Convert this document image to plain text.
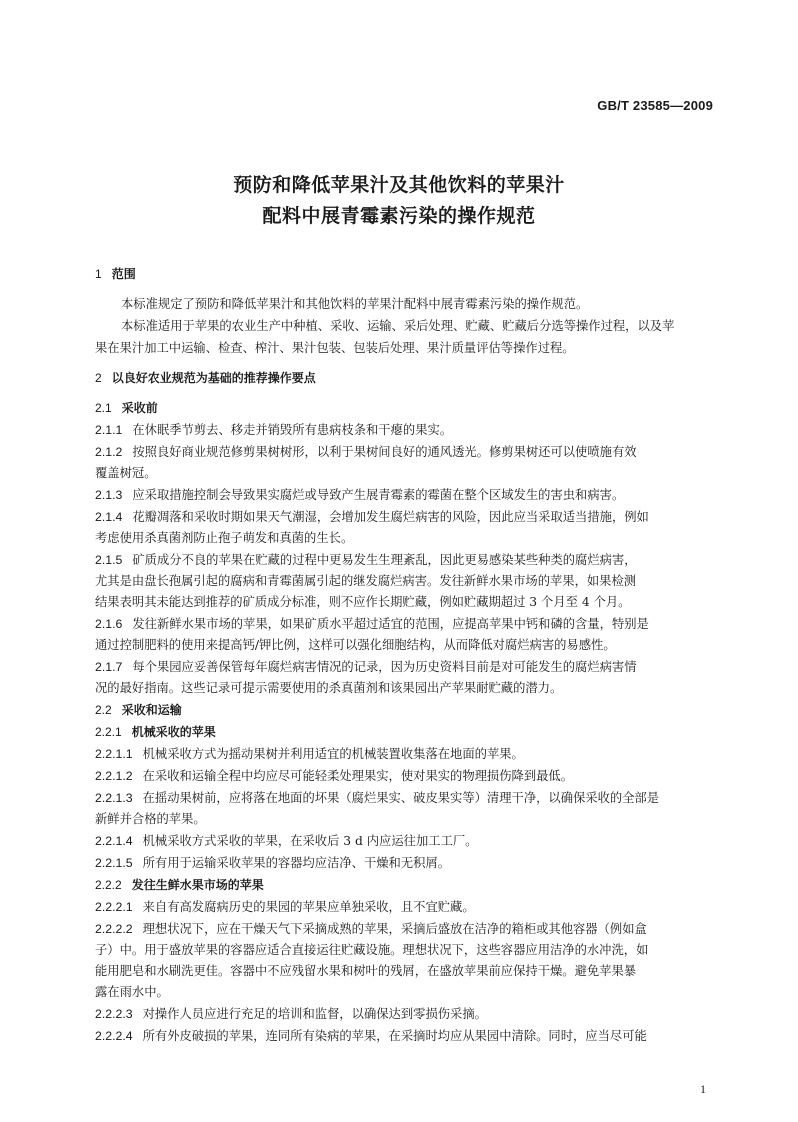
GB/T 23585—2009
预防和降低苹果汁及其他饮料的苹果汁
配料中展青霉素污染的操作规范
1 范围
本标准规定了预防和降低苹果汁和其他饮料的苹果汁配料中展青霉素污染的操作规范。
本标准适用于苹果的农业生产中种植、采收、运输、采后处理、贮藏、贮藏后分选等操作过程，以及苹
果在果汁加工中运输、检查、榨汁、果汁包装、包装后处理、果汁质量评估等操作过程。
2 以良好农业规范为基础的推荐操作要点
2.1 采收前
2.1.1 在休眠季节剪去、移走并销毁所有患病枝条和干瘪的果实。
2.1.2 按照良好商业规范修剪果树树形，以利于果树间良好的通风透光。修剪果树还可以使喷施有效
覆盖树冠。
2.1.3 应采取措施控制会导致果实腐烂或导致产生展青霉素的霉菌在整个区域发生的害虫和病害。
2.1.4 花瓣凋落和采收时期如果天气潮湿，会增加发生腐烂病害的风险，因此应当采取适当措施，例如
考虑使用杀真菌剂防止孢子萌发和真菌的生长。
2.1.5 矿质成分不良的苹果在贮藏的过程中更易发生生理紊乱，因此更易感染某些种类的腐烂病害，
尤其是由盘长孢属引起的腐病和青霉菌属引起的继发腐烂病害。发往新鲜水果市场的苹果，如果检测
结果表明其未能达到推荐的矿质成分标准，则不应作长期贮藏，例如贮藏期超过 3 个月至 4 个月。
2.1.6 发往新鲜水果市场的苹果，如果矿质水平超过适宜的范围，应提高苹果中钙和磷的含量，特别是
通过控制肥料的使用来提高钙/钾比例，这样可以强化细胞结构，从而降低对腐烂病害的易感性。
2.1.7 每个果园应妥善保管每年腐烂病害情况的记录，因为历史资料目前是对可能发生的腐烂病害情
况的最好指南。这些记录可提示需要使用的杀真菌剂和该果园出产苹果耐贮藏的潜力。
2.2 采收和运输
2.2.1 机械采收的苹果
2.2.1.1 机械采收方式为摇动果树并利用适宜的机械装置收集落在地面的苹果。
2.2.1.2 在采收和运输全程中均应尽可能轻柔处理果实，使对果实的物理损伤降到最低。
2.2.1.3 在摇动果树前，应将落在地面的坏果（腐烂果实、破皮果实等）清理干净，以确保采收的全部是
新鲜并合格的苹果。
2.2.1.4 机械采收方式采收的苹果，在采收后 3 d 内应运往加工工厂。
2.2.1.5 所有用于运输采收苹果的容器均应洁净、干燥和无积屑。
2.2.2 发往生鲜水果市场的苹果
2.2.2.1 来自有高发腐病历史的果园的苹果应单独采收，且不宜贮藏。
2.2.2.2 理想状况下，应在干燥天气下采摘成熟的苹果，采摘后盛放在洁净的箱柜或其他容器（例如盒
子）中。用于盛放苹果的容器应适合直接运往贮藏设施。理想状况下，这些容器应用洁净的水冲洗，如
能用肥皂和水刷洗更佳。容器中不应残留水果和树叶的残屑，在盛放苹果前应保持干燥。避免苹果暴
露在雨水中。
2.2.2.3 对操作人员应进行充足的培训和监督，以确保达到零损伤采摘。
2.2.2.4 所有外皮破损的苹果，连同所有染病的苹果，在采摘时均应从果园中清除。同时，应当尽可能
1
